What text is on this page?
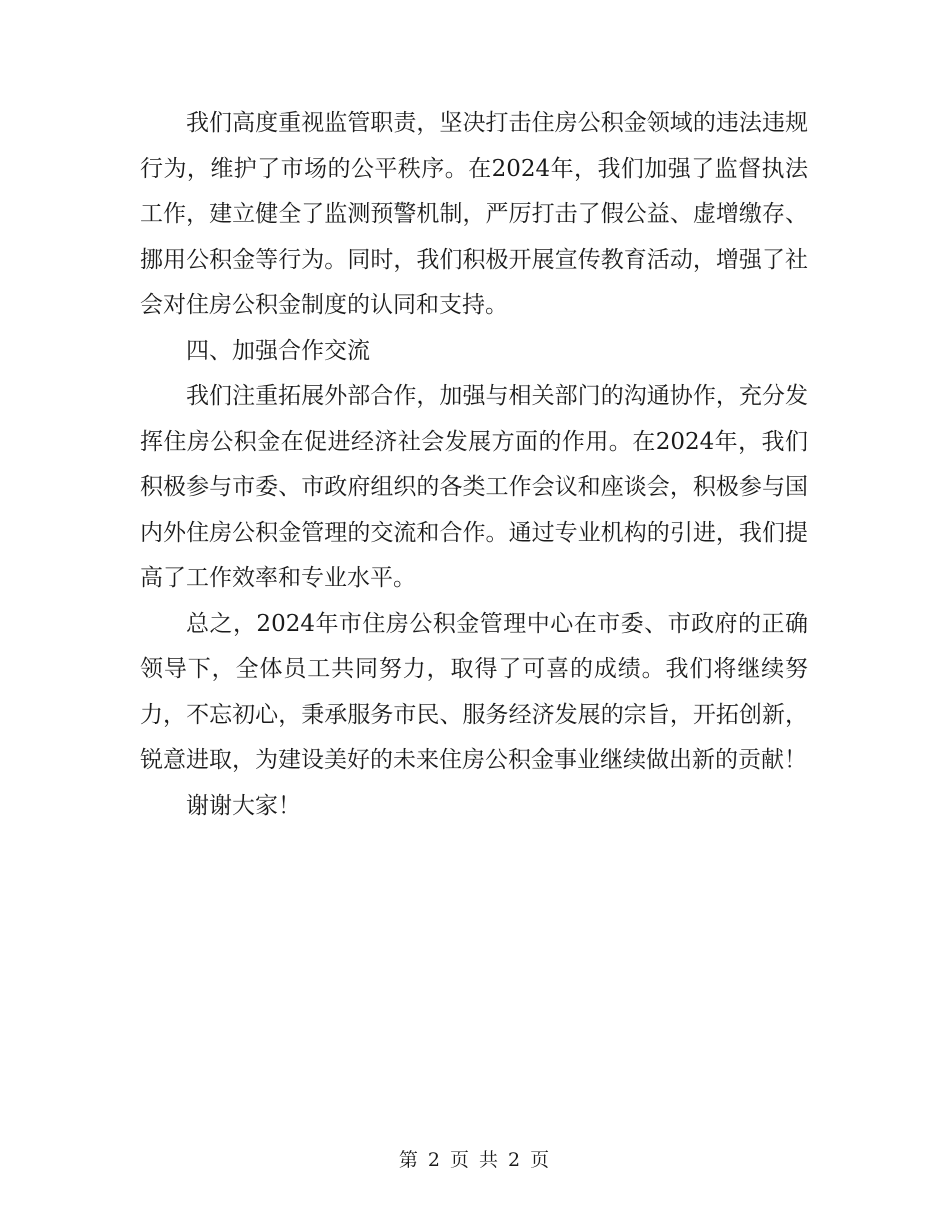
我们高度重视监管职责，坚决打击住房公积金领域的违法违规行为，维护了市场的公平秩序。在2024年，我们加强了监督执法工作，建立健全了监测预警机制，严厉打击了假公益、虚增缴存、挪用公积金等行为。同时，我们积极开展宣传教育活动，增强了社会对住房公积金制度的认同和支持。

四、加强合作交流

我们注重拓展外部合作，加强与相关部门的沟通协作，充分发挥住房公积金在促进经济社会发展方面的作用。在2024年，我们积极参与市委、市政府组织的各类工作会议和座谈会，积极参与国内外住房公积金管理的交流和合作。通过专业机构的引进，我们提高了工作效率和专业水平。

总之，2024年市住房公积金管理中心在市委、市政府的正确领导下，全体员工共同努力，取得了可喜的成绩。我们将继续努力，不忘初心，秉承服务市民、服务经济发展的宗旨，开拓创新，锐意进取，为建设美好的未来住房公积金事业继续做出新的贡献！

谢谢大家！

第 2 页 共 2 页
